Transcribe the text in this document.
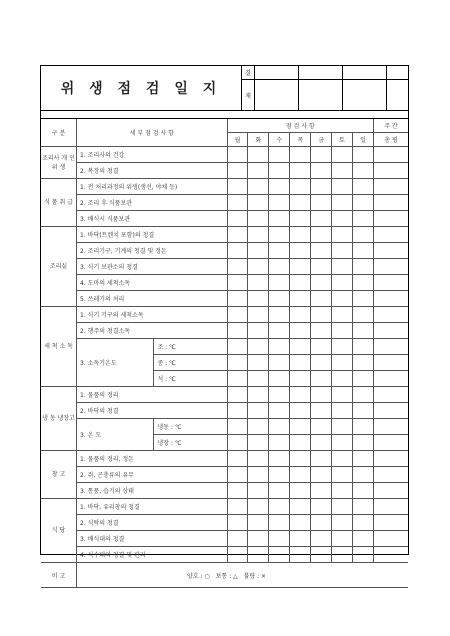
위 생 점 검 일 지
결				
재				
구 분	세 부 점 검 사 항		점 검 사 항							주 간
			월	화	수	목	금	토	일	총 평
조리사 개 인 위 생	1. 조리사의 건강									
	2. 복장의 청결									
식 품 취 급	1. 전 처리과정의 위생(생선, 야채 등)									
	2. 조리 후 식품보관									
	3. 배식시 식품보관									
조리실	1. 바닥(트렌치 포함)의 청결									
	2. 조리기구, 기계의 청결 및 정돈									
	3. 식기 보관소의 청결									
	4. 도마의 세척소독									
	5. 쓰레기의 처리									
세 척 소 독	1. 식기 기구의 세척소독									
	2. 행주의 청결소독									
	3. 소독기온도	조 : ℃								
		중 : ℃								
		석 : ℃								
냉 동 냉장고	1. 물품의 정리									
	2. 바닥의 청결									
	3. 온 도	냉동 : ℃								
		냉장 : ℃								
창 고	1. 물품의 정리, 정돈									
	2. 쥐, 곤충류의 유무									
	3. 통풍, 습기의 상태									
식 당	1. 바닥, 유리창의 청결									
	2. 식탁의 청결									
	3. 배식대의 청결									
	4. 식수대의 청결 및 관리									
비 고	양호 : ○ 보통 : △ 불량 : ×									
